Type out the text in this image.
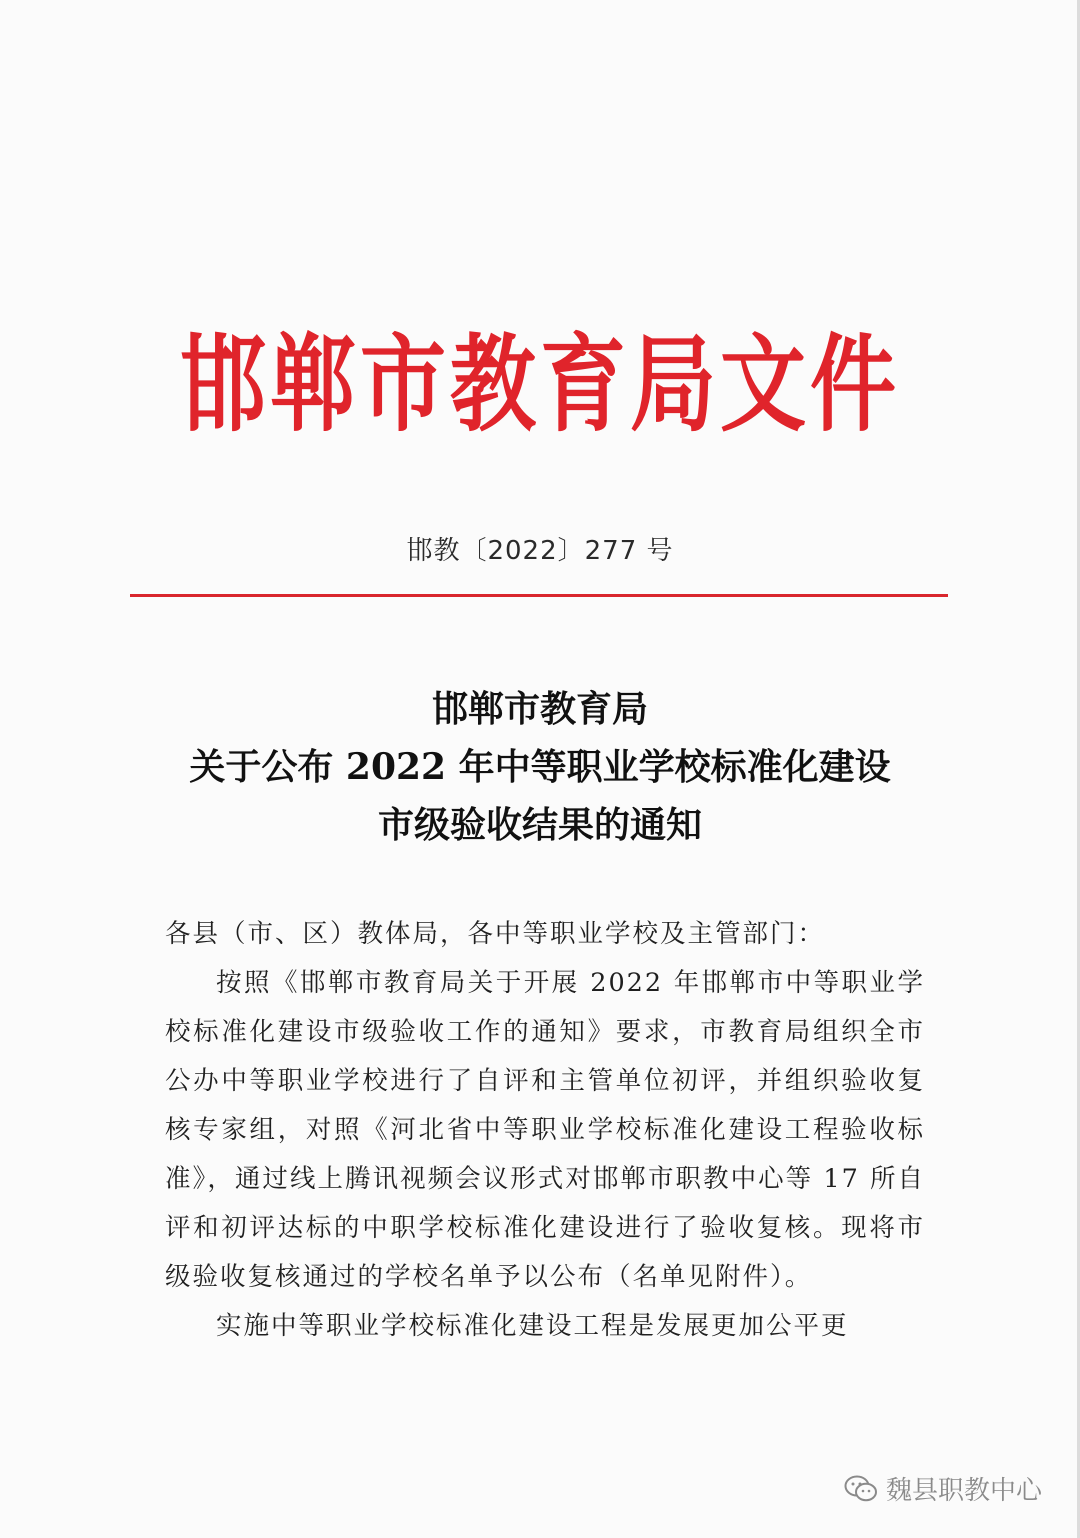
邯郸市教育局文件
邯教〔2022〕277 号
邯郸市教育局
关于公布 2022 年中等职业学校标准化建设
市级验收结果的通知

各县（市、区）教体局，各中等职业学校及主管部门：

按照《邯郸市教育局关于开展 2022 年邯郸市中等职业学校标准化建设市级验收工作的通知》要求，市教育局组织全市公办中等职业学校进行了自评和主管单位初评，并组织验收复核专家组，对照《河北省中等职业学校标准化建设工程验收标准》，通过线上腾讯视频会议形式对邯郸市职教中心等 17 所自评和初评达标的中职学校标准化建设进行了验收复核。现将市级验收复核通过的学校名单予以公布（名单见附件）。

实施中等职业学校标准化建设工程是发展更加公平更

魏县职教中心
